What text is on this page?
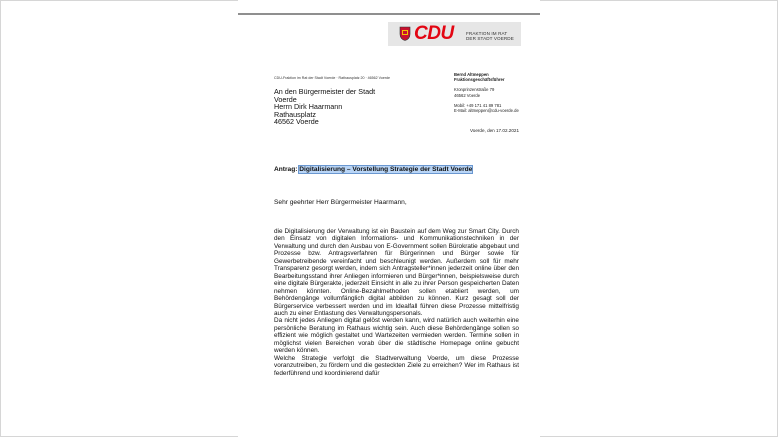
CDU	FRAKTION IM RAT
DER STADT VOERDE
CDU-Fraktion im Rat der Stadt Voerde · Rathausplatz 20 · 46562 Voerde
Bernd Altmeppen
Fraktionsgeschäftsführer
Kronprinzenstraße 79
46562 Voerde
Mobil: +49 171 41 89 781
E-Mail: altmeppen@cdu-voerde.de
An den Bürgermeister der Stadt
Voerde
Herrn Dirk Haarmann
Rathausplatz
46562 Voerde
Voerde, den 17.02.2021
Antrag: Digitalisierung – Vorstellung Strategie der Stadt Voerde
Sehr geehrter Herr Bürgermeister Haarmann,

die Digitalisierung der Verwaltung ist ein Baustein auf dem Weg zur Smart City. Durch den Einsatz von digitalen Informations- und Kommunikationstechniken in der Verwaltung und durch den Ausbau von E-Government sollen Bürokratie abgebaut und Prozesse bzw. Antragsverfahren für Bürgerinnen und Bürger sowie für Gewerbetreibende vereinfacht und beschleunigt werden. Außerdem soll für mehr Transparenz gesorgt werden, indem sich Antragsteller*innen jederzeit online über den Bearbeitungsstand ihrer Anliegen informieren und Bürger*innen, beispielsweise durch eine digitale Bürgerakte, jederzeit Einsicht in alle zu ihrer Person gespeicherten Daten nehmen könnten. Online-Bezahlmethoden sollen etabliert werden, um Behördengänge vollumfänglich digital abbilden zu können. Kurz gesagt soll der Bürgerservice verbessert werden und im Idealfall führen diese Prozesse mittelfristig auch zu einer Entlastung des Verwaltungspersonals.

Da nicht jedes Anliegen digital gelöst werden kann, wird natürlich auch weiterhin eine persönliche Beratung im Rathaus wichtig sein. Auch diese Behördengänge sollen so effizient wie möglich gestaltet und Wartezeiten vermieden werden. Termine sollen in möglichst vielen Bereichen vorab über die städtische Homepage online gebucht werden können.

Welche Strategie verfolgt die Stadtverwaltung Voerde, um diese Prozesse voranzutreiben, zu fördern und die gesteckten Ziele zu erreichen? Wer im Rathaus ist federführend und koordinierend dafür
